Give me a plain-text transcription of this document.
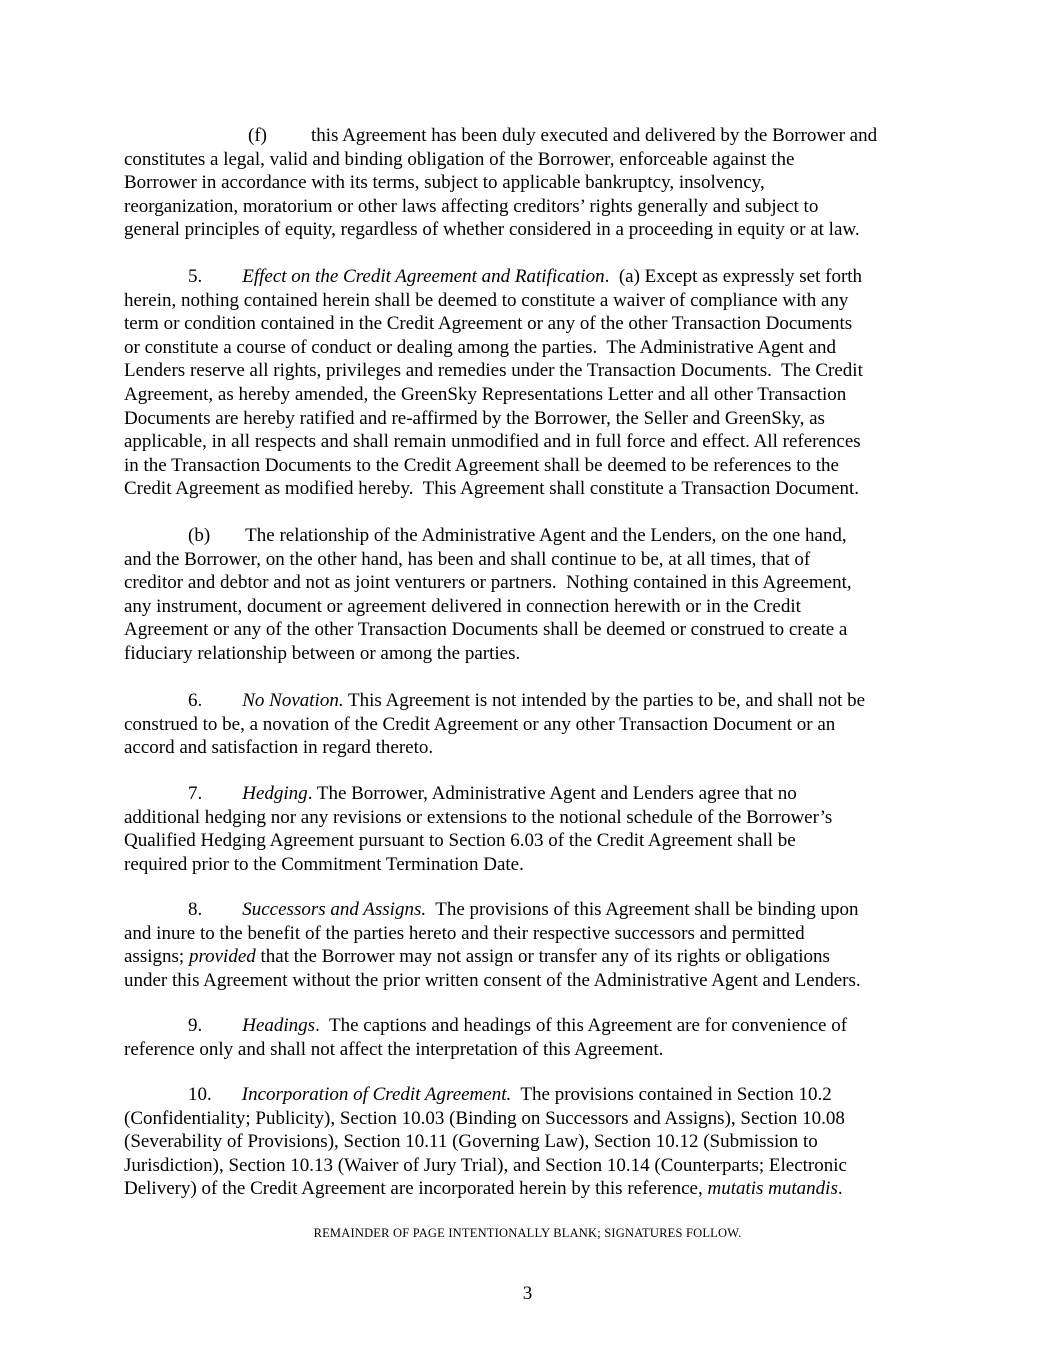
(f) this Agreement has been duly executed and delivered by the Borrower and
constitutes a legal, valid and binding obligation of the Borrower, enforceable against the
Borrower in accordance with its terms, subject to applicable bankruptcy, insolvency,
reorganization, moratorium or other laws affecting creditors’ rights generally and subject to
general principles of equity, regardless of whether considered in a proceeding in equity or at law.
5. Effect on the Credit Agreement and Ratification.  (a) Except as expressly set forth
herein, nothing contained herein shall be deemed to constitute a waiver of compliance with any
term or condition contained in the Credit Agreement or any of the other Transaction Documents
or constitute a course of conduct or dealing among the parties.  The Administrative Agent and
Lenders reserve all rights, privileges and remedies under the Transaction Documents.  The Credit
Agreement, as hereby amended, the GreenSky Representations Letter and all other Transaction
Documents are hereby ratified and re-affirmed by the Borrower, the Seller and GreenSky, as
applicable, in all respects and shall remain unmodified and in full force and effect. All references
in the Transaction Documents to the Credit Agreement shall be deemed to be references to the
Credit Agreement as modified hereby.  This Agreement shall constitute a Transaction Document.
(b) The relationship of the Administrative Agent and the Lenders, on the one hand,
and the Borrower, on the other hand, has been and shall continue to be, at all times, that of
creditor and debtor and not as joint venturers or partners.  Nothing contained in this Agreement,
any instrument, document or agreement delivered in connection herewith or in the Credit
Agreement or any of the other Transaction Documents shall be deemed or construed to create a
fiduciary relationship between or among the parties.
6. No Novation. This Agreement is not intended by the parties to be, and shall not be
construed to be, a novation of the Credit Agreement or any other Transaction Document or an
accord and satisfaction in regard thereto.
7. Hedging. The Borrower, Administrative Agent and Lenders agree that no
additional hedging nor any revisions or extensions to the notional schedule of the Borrower’s
Qualified Hedging Agreement pursuant to Section 6.03 of the Credit Agreement shall be
required prior to the Commitment Termination Date.
8. Successors and Assigns.  The provisions of this Agreement shall be binding upon
and inure to the benefit of the parties hereto and their respective successors and permitted
assigns; provided that the Borrower may not assign or transfer any of its rights or obligations
under this Agreement without the prior written consent of the Administrative Agent and Lenders.
9. Headings.  The captions and headings of this Agreement are for convenience of
reference only and shall not affect the interpretation of this Agreement.
10. Incorporation of Credit Agreement.  The provisions contained in Section 10.2
(Confidentiality; Publicity), Section 10.03 (Binding on Successors and Assigns), Section 10.08
(Severability of Provisions), Section 10.11 (Governing Law), Section 10.12 (Submission to
Jurisdiction), Section 10.13 (Waiver of Jury Trial), and Section 10.14 (Counterparts; Electronic
Delivery) of the Credit Agreement are incorporated herein by this reference, mutatis mutandis.
REMAINDER OF PAGE INTENTIONALLY BLANK; SIGNATURES FOLLOW.
3
